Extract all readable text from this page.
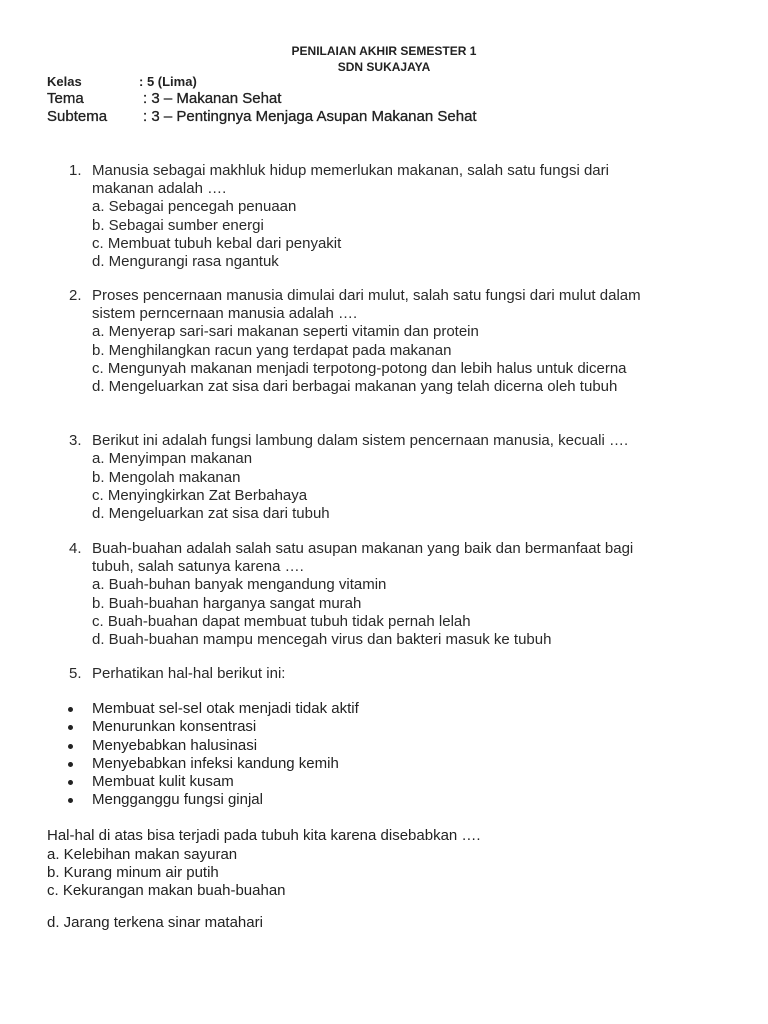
PENILAIAN AKHIR SEMESTER 1
SDN SUKAJAYA
Kelas	: 5 (Lima)
Tema	: 3 – Makanan Sehat
Subtema : 3 – Pentingnya Menjaga Asupan Makanan Sehat
1. Manusia sebagai makhluk hidup memerlukan makanan, salah satu fungsi dari
makanan adalah ….
a. Sebagai pencegah penuaan
b. Sebagai sumber energi
c. Membuat tubuh kebal dari penyakit
d. Mengurangi rasa ngantuk
2. Proses pencernaan manusia dimulai dari mulut, salah satu fungsi dari mulut dalam
sistem perncernaan manusia adalah ….
a. Menyerap sari-sari makanan seperti vitamin dan protein
b. Menghilangkan racun yang terdapat pada makanan
c. Mengunyah makanan menjadi terpotong-potong dan lebih halus untuk dicerna
d. Mengeluarkan zat sisa dari berbagai makanan yang telah dicerna oleh tubuh
3. Berikut ini adalah fungsi lambung dalam sistem pencernaan manusia, kecuali ….
a. Menyimpan makanan
b. Mengolah makanan
c. Menyingkirkan Zat Berbahaya
d. Mengeluarkan zat sisa dari tubuh
4. Buah-buahan adalah salah satu asupan makanan yang baik dan bermanfaat bagi
tubuh, salah satunya karena ….
a. Buah-buhan banyak mengandung vitamin
b. Buah-buahan harganya sangat murah
c. Buah-buahan dapat membuat tubuh tidak pernah lelah
d. Buah-buahan mampu mencegah virus dan bakteri masuk ke tubuh
5. Perhatikan hal-hal berikut ini:
Membuat sel-sel otak menjadi tidak aktif
Menurunkan konsentrasi
Menyebabkan halusinasi
Menyebabkan infeksi kandung kemih
Membuat kulit kusam
Mengganggu fungsi ginjal
Hal-hal di atas bisa terjadi pada tubuh kita karena disebabkan ….
a. Kelebihan makan sayuran
b. Kurang minum air putih
c. Kekurangan makan buah-buahan
d. Jarang terkena sinar matahari
